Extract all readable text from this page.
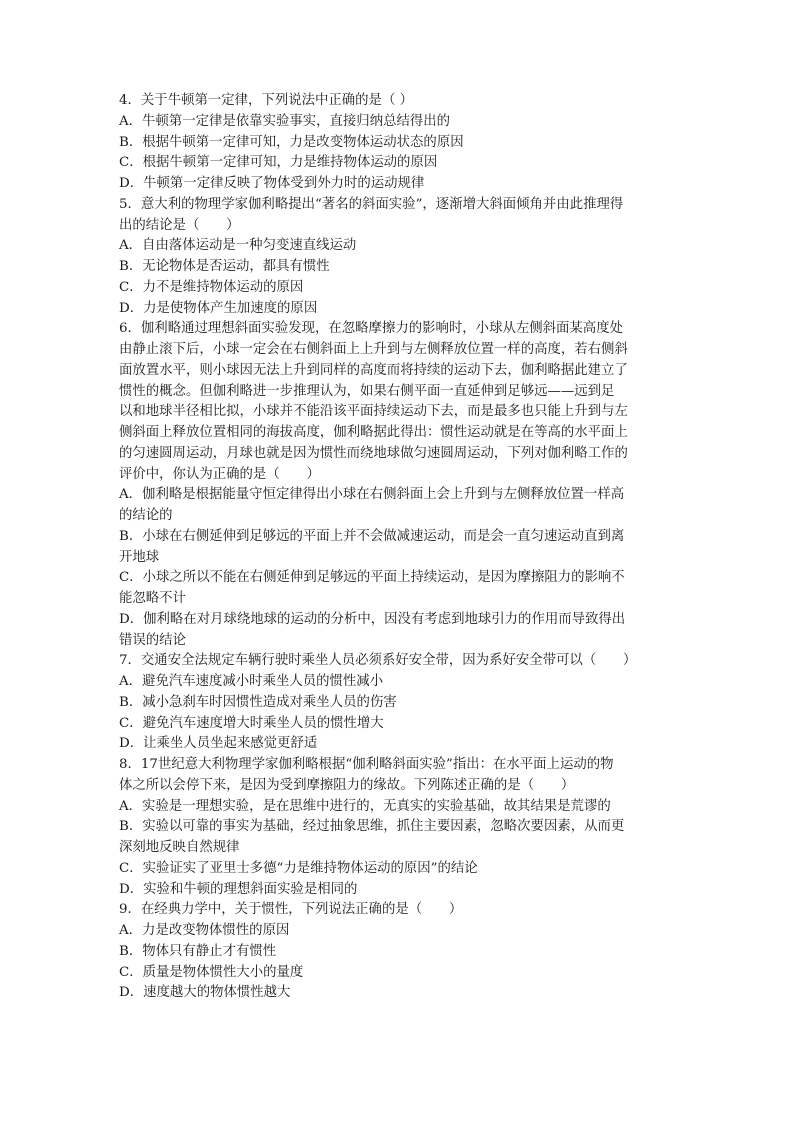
4．关于牛顿第一定律，下列说法中正确的是（ ）
A．牛顿第一定律是依靠实验事实，直接归纳总结得出的
B．根据牛顿第一定律可知，力是改变物体运动状态的原因
C．根据牛顿第一定律可知，力是维持物体运动的原因
D．牛顿第一定律反映了物体受到外力时的运动规律
5．意大利的物理学家伽利略提出“著名的斜面实验”，逐渐增大斜面倾角并由此推理得
出的结论是（　　）
A．自由落体运动是一种匀变速直线运动
B．无论物体是否运动，都具有惯性
C．力不是维持物体运动的原因
D．力是使物体产生加速度的原因
6．伽利略通过理想斜面实验发现，在忽略摩擦力的影响时，小球从左侧斜面某高度处
由静止滚下后，小球一定会在右侧斜面上上升到与左侧释放位置一样的高度，若右侧斜
面放置水平，则小球因无法上升到同样的高度而将持续的运动下去，伽利略据此建立了
惯性的概念。但伽利略进一步推理认为，如果右侧平面一直延伸到足够远——远到足
以和地球半径相比拟，小球并不能沿该平面持续运动下去，而是最多也只能上升到与左
侧斜面上释放位置相同的海拔高度，伽利略据此得出：惯性运动就是在等高的水平面上
的匀速圆周运动，月球也就是因为惯性而绕地球做匀速圆周运动，下列对伽利略工作的
评价中，你认为正确的是（　　）
A．伽利略是根据能量守恒定律得出小球在右侧斜面上会上升到与左侧释放位置一样高
的结论的
B．小球在右侧延伸到足够远的平面上并不会做减速运动，而是会一直匀速运动直到离
开地球
C．小球之所以不能在右侧延伸到足够远的平面上持续运动，是因为摩擦阻力的影响不
能忽略不计
D．伽利略在对月球绕地球的运动的分析中，因没有考虑到地球引力的作用而导致得出
错误的结论
7．交通安全法规定车辆行驶时乘坐人员必须系好安全带，因为系好安全带可以（　　）
A．避免汽车速度减小时乘坐人员的惯性减小
B．减小急刹车时因惯性造成对乘坐人员的伤害
C．避免汽车速度增大时乘坐人员的惯性增大
D．让乘坐人员坐起来感觉更舒适
8．17世纪意大利物理学家伽利略根据“伽利略斜面实验”指出：在水平面上运动的物
体之所以会停下来，是因为受到摩擦阻力的缘故。下列陈述正确的是（　　）
A．实验是一理想实验，是在思维中进行的，无真实的实验基础，故其结果是荒谬的
B．实验以可靠的事实为基础，经过抽象思维，抓住主要因素，忽略次要因素，从而更
深刻地反映自然规律
C．实验证实了亚里士多德“力是维持物体运动的原因”的结论
D．实验和牛顿的理想斜面实验是相同的
9．在经典力学中，关于惯性，下列说法正确的是（　　）
A．力是改变物体惯性的原因
B．物体只有静止才有惯性
C．质量是物体惯性大小的量度
D．速度越大的物体惯性越大
